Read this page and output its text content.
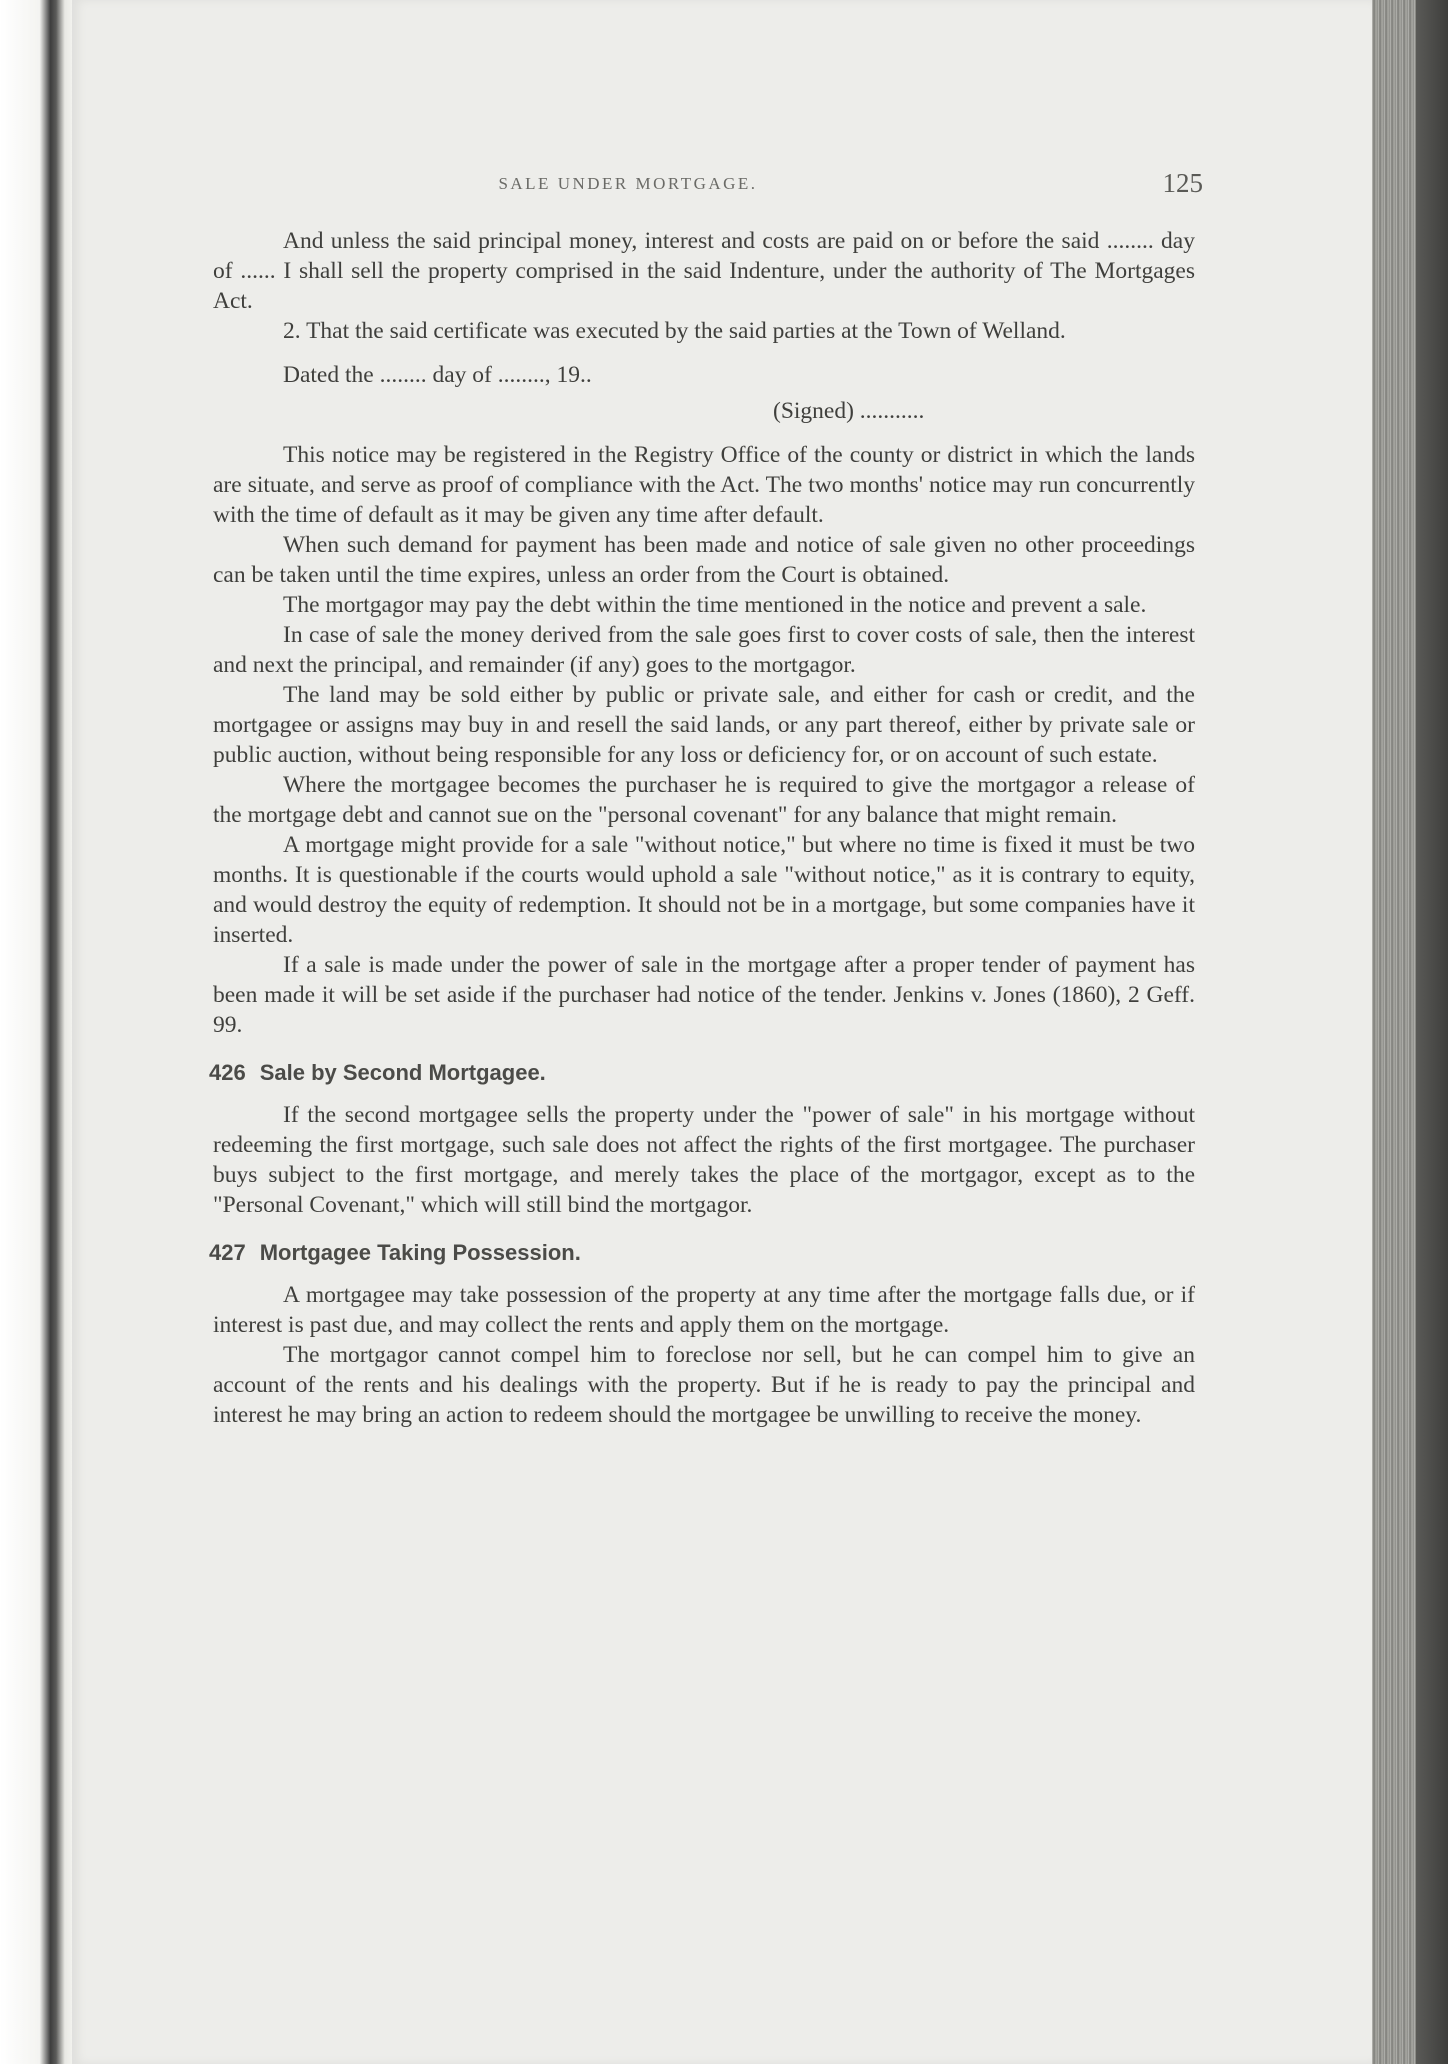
SALE UNDER MORTGAGE.	125

And unless the said principal money, interest and costs are paid on or before the said ........ day of ...... I shall sell the property comprised in the said Indenture, under the authority of The Mortgages Act.

2. That the said certificate was executed by the said parties at the Town of Welland.

Dated the ........ day of ........, 19..

(Signed) ...........

This notice may be registered in the Registry Office of the county or district in which the lands are situate, and serve as proof of compliance with the Act. The two months' notice may run concurrently with the time of default as it may be given any time after default.

When such demand for payment has been made and notice of sale given no other proceedings can be taken until the time expires, unless an order from the Court is obtained.

The mortgagor may pay the debt within the time mentioned in the notice and prevent a sale.

In case of sale the money derived from the sale goes first to cover costs of sale, then the interest and next the principal, and remainder (if any) goes to the mortgagor.

The land may be sold either by public or private sale, and either for cash or credit, and the mortgagee or assigns may buy in and resell the said lands, or any part thereof, either by private sale or public auction, without being responsible for any loss or deficiency for, or on account of such estate.

Where the mortgagee becomes the purchaser he is required to give the mortgagor a release of the mortgage debt and cannot sue on the "personal covenant" for any balance that might remain.

A mortgage might provide for a sale "without notice," but where no time is fixed it must be two months. It is questionable if the courts would uphold a sale "without notice," as it is contrary to equity, and would destroy the equity of redemption. It should not be in a mortgage, but some companies have it inserted.

If a sale is made under the power of sale in the mortgage after a proper tender of payment has been made it will be set aside if the purchaser had notice of the tender. Jenkins v. Jones (1860), 2 Geff. 99.

426 Sale by Second Mortgagee.

If the second mortgagee sells the property under the "power of sale" in his mortgage without redeeming the first mortgage, such sale does not affect the rights of the first mortgagee. The purchaser buys subject to the first mortgage, and merely takes the place of the mortgagor, except as to the "Personal Covenant," which will still bind the mortgagor.

427 Mortgagee Taking Possession.

A mortgagee may take possession of the property at any time after the mortgage falls due, or if interest is past due, and may collect the rents and apply them on the mortgage.

The mortgagor cannot compel him to foreclose nor sell, but he can compel him to give an account of the rents and his dealings with the property. But if he is ready to pay the principal and interest he may bring an action to redeem should the mortgagee be unwilling to receive the money.
